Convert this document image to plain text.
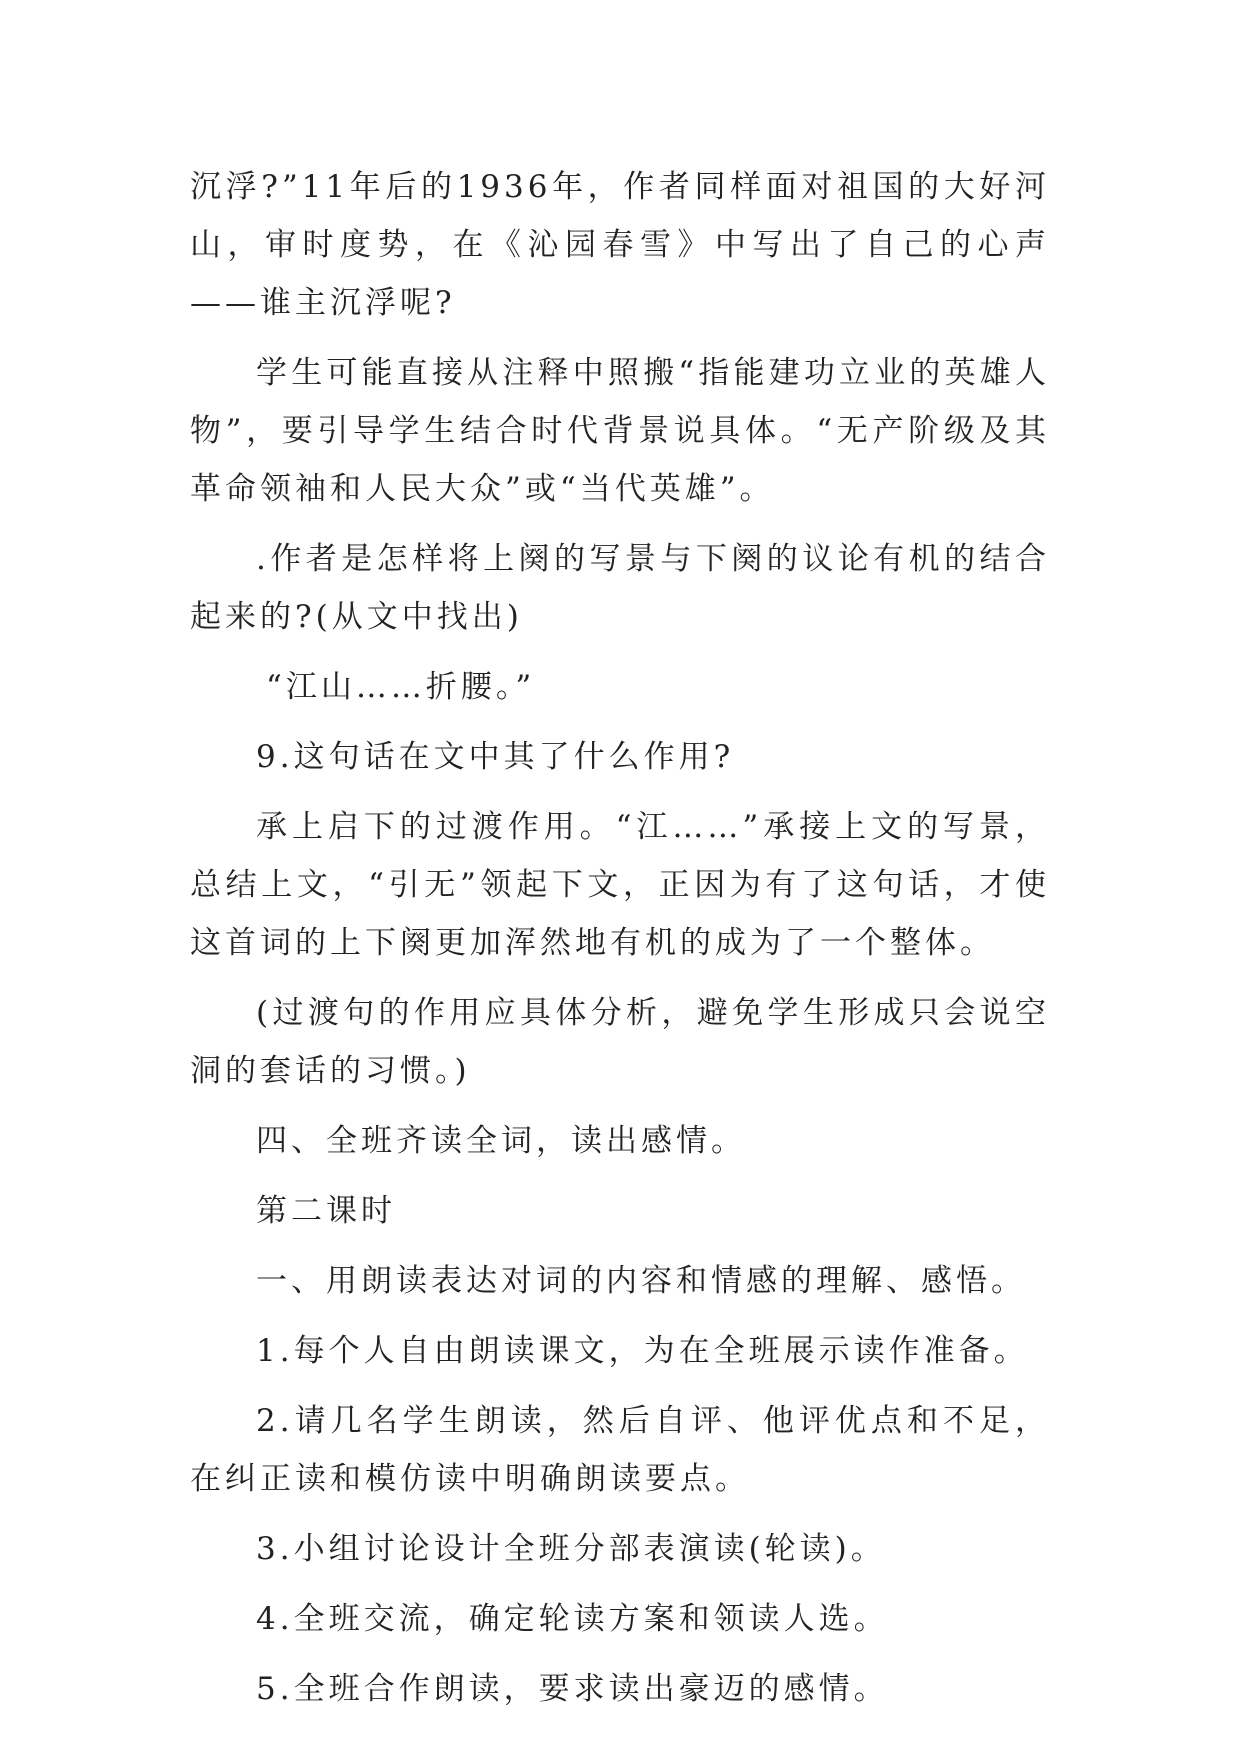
沉浮?”11年后的1936年，作者同样面对祖国的大好河山，审时度势，在《沁园春雪》中写出了自己的心声——谁主沉浮呢?

学生可能直接从注释中照搬“指能建功立业的英雄人物”，要引导学生结合时代背景说具体。“无产阶级及其革命领袖和人民大众”或“当代英雄”。

.作者是怎样将上阕的写景与下阕的议论有机的结合起来的?(从文中找出)

“江山……折腰。”

9.这句话在文中其了什么作用?

承上启下的过渡作用。“江……”承接上文的写景，总结上文，“引无”领起下文，正因为有了这句话，才使这首词的上下阕更加浑然地有机的成为了一个整体。

(过渡句的作用应具体分析，避免学生形成只会说空洞的套话的习惯。)

四、全班齐读全词，读出感情。

第二课时

一、用朗读表达对词的内容和情感的理解、感悟。

1.每个人自由朗读课文，为在全班展示读作准备。

2.请几名学生朗读，然后自评、他评优点和不足，在纠正读和模仿读中明确朗读要点。

3.小组讨论设计全班分部表演读(轮读)。

4.全班交流，确定轮读方案和领读人选。

5.全班合作朗读，要求读出豪迈的感情。
